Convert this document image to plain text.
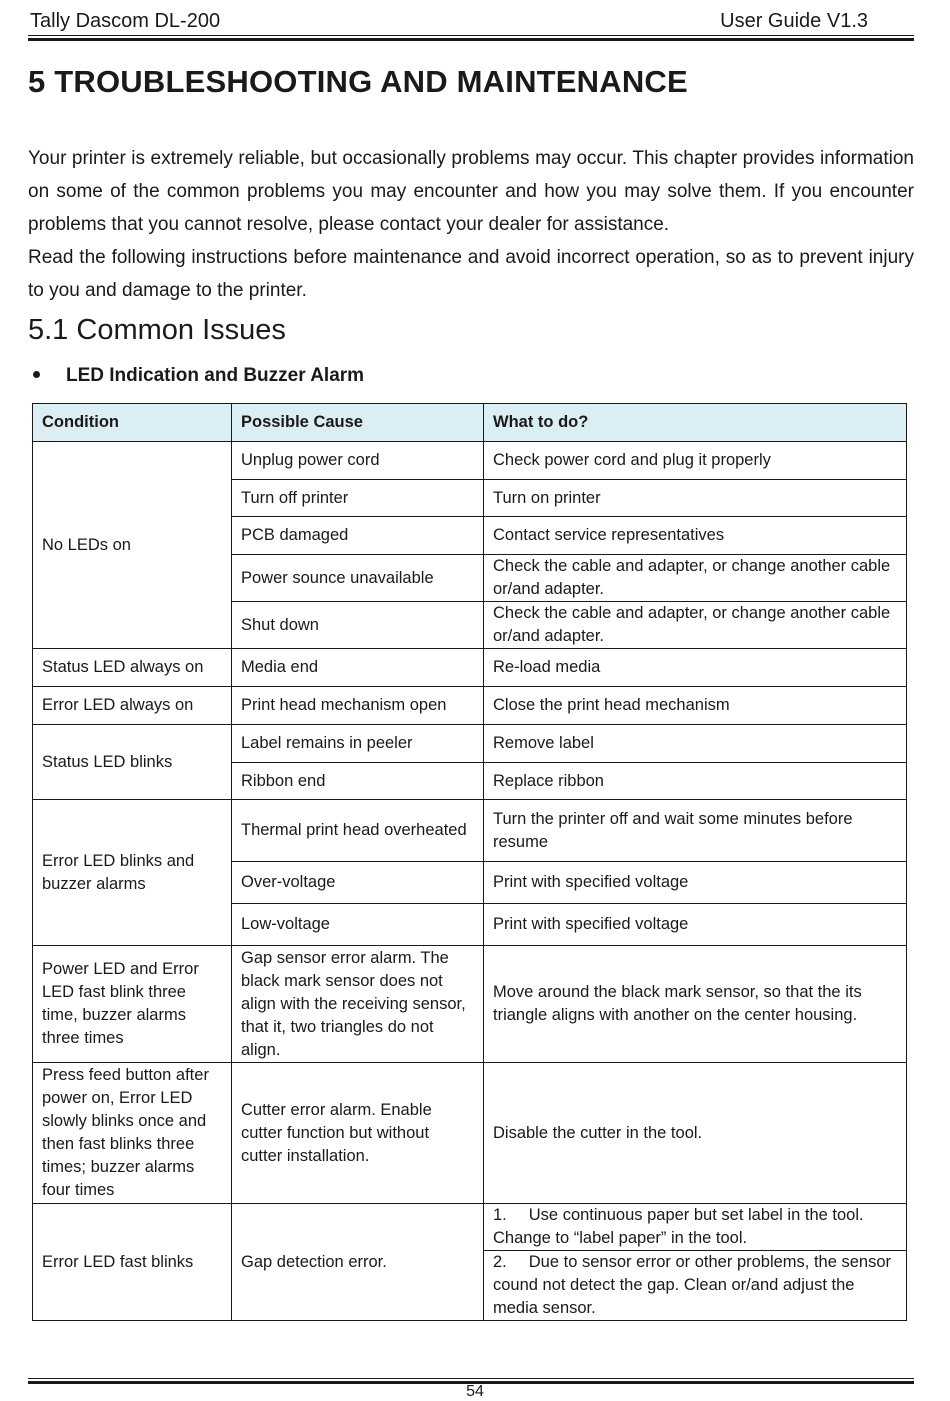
Tally Dascom DL-200	User Guide V1.3
5 TROUBLESHOOTING AND MAINTENANCE

Your printer is extremely reliable, but occasionally problems may occur. This chapter provides information on some of the common problems you may encounter and how you may solve them. If you encounter problems that you cannot resolve, please contact your dealer for assistance.

Read the following instructions before maintenance and avoid incorrect operation, so as to prevent injury to you and damage to the printer.

5.1 Common Issues
LED Indication and Buzzer Alarm
Condition	Possible Cause	What to do?
No LEDs on	Unplug power cord	Check power cord and plug it properly
	Turn off printer	Turn on printer
	PCB damaged	Contact service representatives
	Power sounce unavailable	Check the cable and adapter, or change another cable or/and adapter.
	Shut down	Check the cable and adapter, or change another cable or/and adapter.
Status LED always on	Media end	Re-load media
Error LED always on	Print head mechanism open	Close the print head mechanism
Status LED blinks	Label remains in peeler	Remove label
	Ribbon end	Replace ribbon
Error LED blinks and buzzer alarms	Thermal print head overheated	Turn the printer off and wait some minutes before resume
	Over-voltage	Print with specified voltage
	Low-voltage	Print with specified voltage
Power LED and Error LED fast blink three time, buzzer alarms three times	Gap sensor error alarm. The black mark sensor does not align with the receiving sensor, that it, two triangles do not align.	Move around the black mark sensor, so that the its triangle aligns with another on the center housing.
Press feed button after power on, Error LED slowly blinks once and then fast blinks three times; buzzer alarms four times	Cutter error alarm. Enable cutter function but without cutter installation.	Disable the cutter in the tool.
Error LED fast blinks	Gap detection error.	1. Use continuous paper but set label in the tool. Change to “label paper” in the tool.
		2. Due to sensor error or other problems, the sensor cound not detect the gap. Clean or/and adjust the media sensor.
54
